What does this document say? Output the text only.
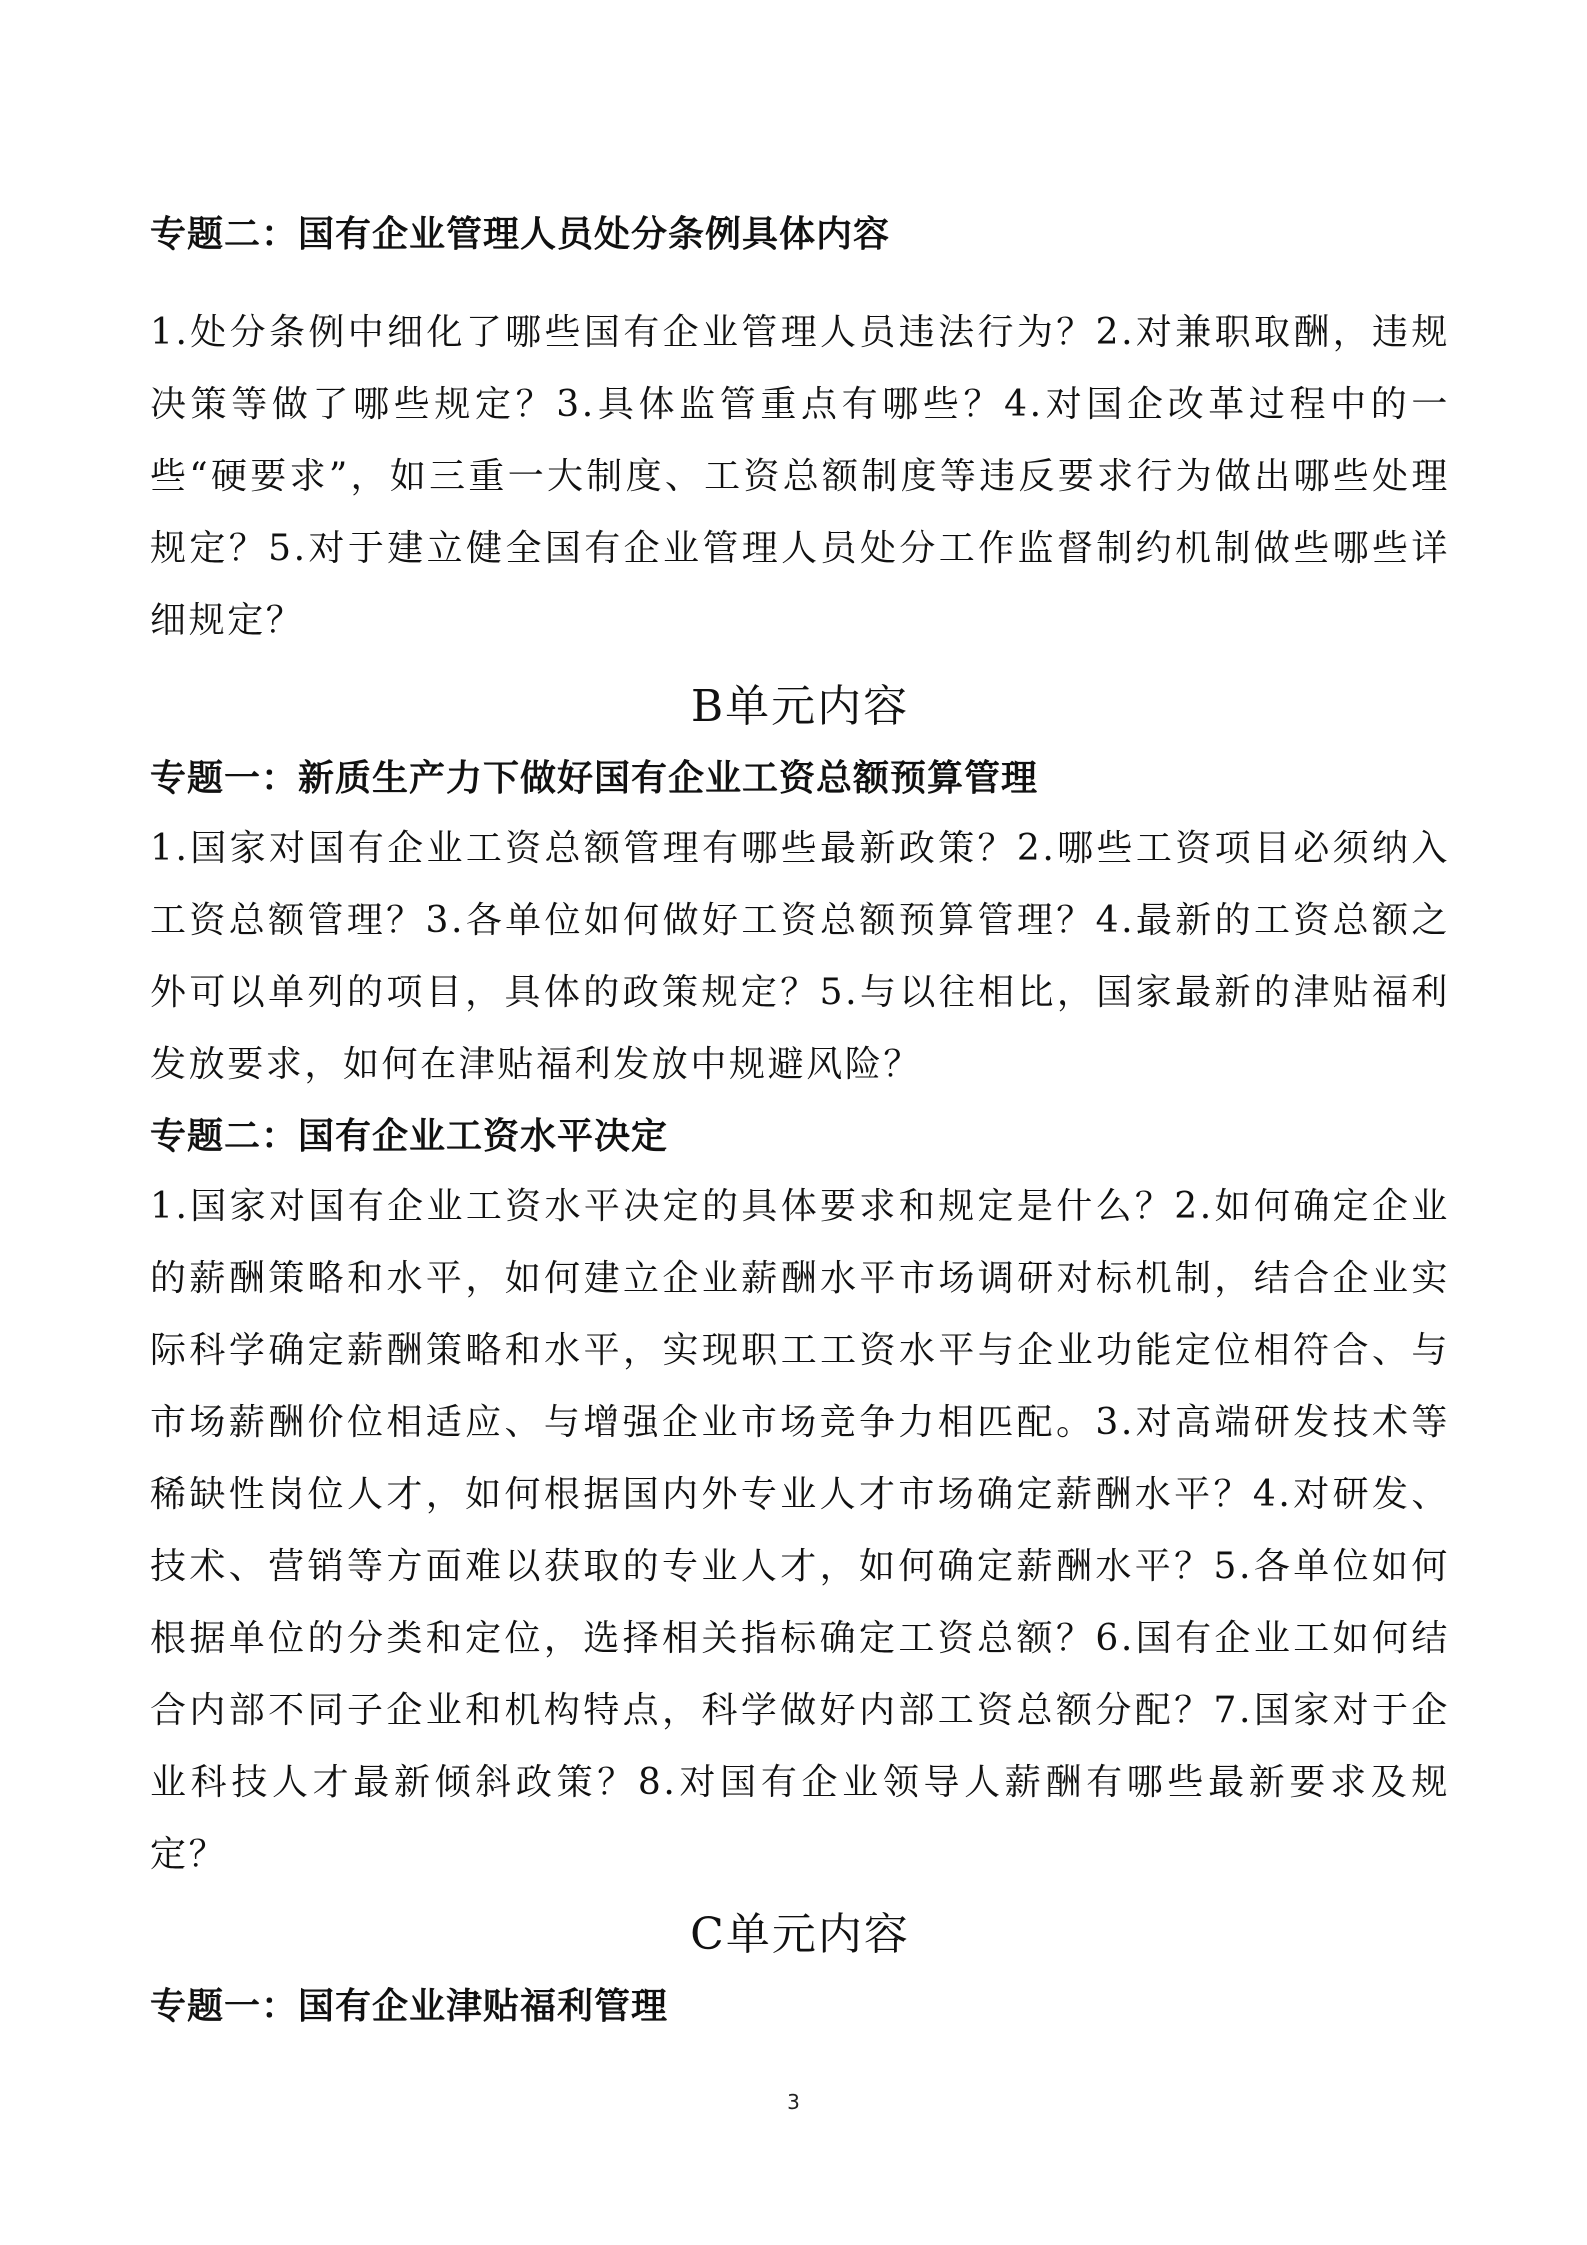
专题二：国有企业管理人员处分条例具体内容

1.处分条例中细化了哪些国有企业管理人员违法行为？2.对兼职取酬，违规决策等做了哪些规定？3.具体监管重点有哪些？4.对国企改革过程中的一些“硬要求”，如三重一大制度、工资总额制度等违反要求行为做出哪些处理规定？5.对于建立健全国有企业管理人员处分工作监督制约机制做些哪些详细规定？

B单元内容

专题一：新质生产力下做好国有企业工资总额预算管理

1.国家对国有企业工资总额管理有哪些最新政策？2.哪些工资项目必须纳入工资总额管理？3.各单位如何做好工资总额预算管理？4.最新的工资总额之外可以单列的项目，具体的政策规定？5.与以往相比，国家最新的津贴福利发放要求，如何在津贴福利发放中规避风险？

专题二：国有企业工资水平决定

1.国家对国有企业工资水平决定的具体要求和规定是什么？2.如何确定企业的薪酬策略和水平，如何建立企业薪酬水平市场调研对标机制，结合企业实际科学确定薪酬策略和水平，实现职工工资水平与企业功能定位相符合、与市场薪酬价位相适应、与增强企业市场竞争力相匹配。3.对高端研发技术等稀缺性岗位人才，如何根据国内外专业人才市场确定薪酬水平？4.对研发、技术、营销等方面难以获取的专业人才，如何确定薪酬水平？5.各单位如何根据单位的分类和定位，选择相关指标确定工资总额？6.国有企业工如何结合内部不同子企业和机构特点，科学做好内部工资总额分配？7.国家对于企业科技人才最新倾斜政策？8.对国有企业领导人薪酬有哪些最新要求及规定？

C单元内容

专题一：国有企业津贴福利管理

3
